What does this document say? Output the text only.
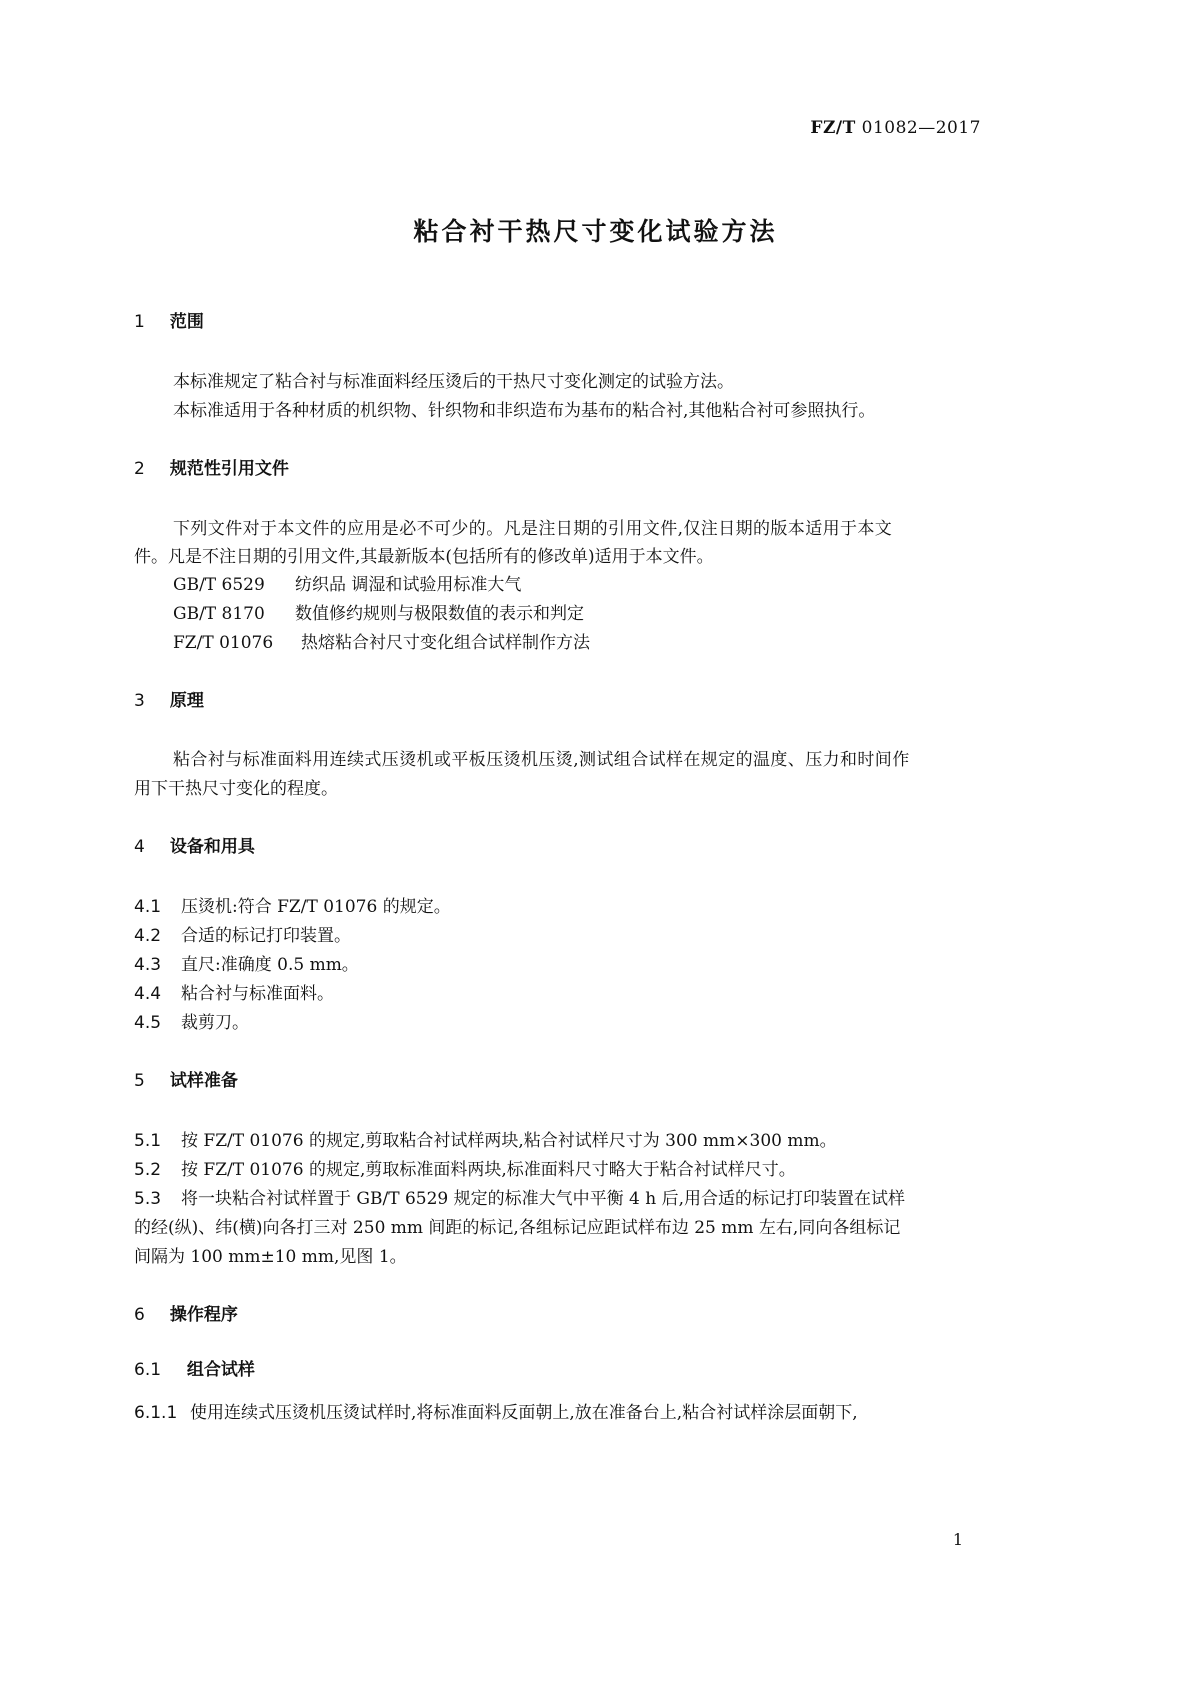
FZ/T 01082—2017
粘合衬干热尺寸变化试验方法
1 范围
本标准规定了粘合衬与标准面料经压烫后的干热尺寸变化测定的试验方法。
本标准适用于各种材质的机织物、针织物和非织造布为基布的粘合衬,其他粘合衬可参照执行。
2 规范性引用文件
下列文件对于本文件的应用是必不可少的。凡是注日期的引用文件,仅注日期的版本适用于本文
件。凡是不注日期的引用文件,其最新版本(包括所有的修改单)适用于本文件。
GB/T 6529 纺织品 调湿和试验用标准大气
GB/T 8170 数值修约规则与极限数值的表示和判定
FZ/T 01076 热熔粘合衬尺寸变化组合试样制作方法
3 原理
粘合衬与标准面料用连续式压烫机或平板压烫机压烫,测试组合试样在规定的温度、压力和时间作
用下干热尺寸变化的程度。
4 设备和用具
4.1 压烫机:符合 FZ/T 01076 的规定。
4.2 合适的标记打印装置。
4.3 直尺:准确度 0.5 mm。
4.4 粘合衬与标准面料。
4.5 裁剪刀。
5 试样准备
5.1 按 FZ/T 01076 的规定,剪取粘合衬试样两块,粘合衬试样尺寸为 300 mm×300 mm。
5.2 按 FZ/T 01076 的规定,剪取标准面料两块,标准面料尺寸略大于粘合衬试样尺寸。
5.3 将一块粘合衬试样置于 GB/T 6529 规定的标准大气中平衡 4 h 后,用合适的标记打印装置在试样
的经(纵)、纬(横)向各打三对 250 mm 间距的标记,各组标记应距试样布边 25 mm 左右,同向各组标记
间隔为 100 mm±10 mm,见图 1。
6 操作程序
6.1 组合试样
6.1.1 使用连续式压烫机压烫试样时,将标准面料反面朝上,放在准备台上,粘合衬试样涂层面朝下,
1
